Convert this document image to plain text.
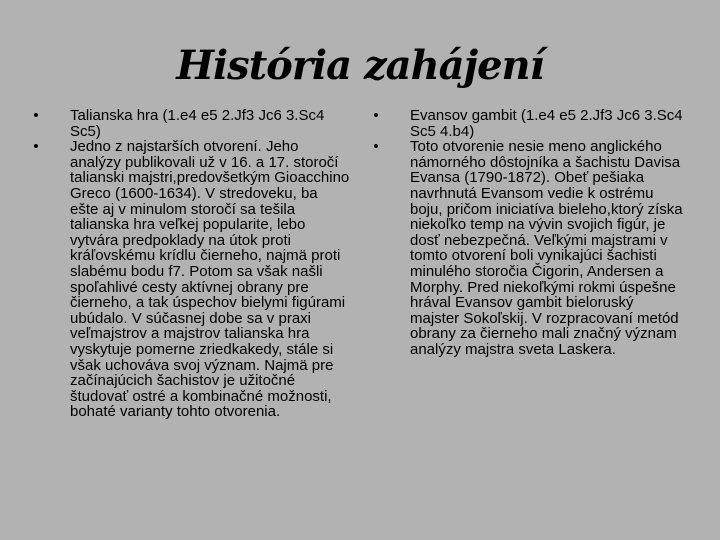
História zahájení
• Talianska hra (1.e4 e5 2.Jf3 Jc6 3.Sc4 Sc5)
• Jedno z najstarších otvorení. Jeho analýzy publikovali už v 16. a 17. storočí talianski majstri,predovšetkým Gioacchino Greco (1600-1634). V stredoveku, ba ešte aj v minulom storočí sa tešila talianska hra veľkej popularite, lebo vytvára predpoklady na útok proti kráľovskému krídlu čierneho, najmä proti slabému bodu f7. Potom sa však našli spoľahlivé cesty aktívnej obrany pre čierneho, a tak úspechov bielymi figúrami ubúdalo. V súčasnej dobe sa v praxi veľmajstrov a majstrov talianska hra vyskytuje pomerne zriedkakedy, stále si však uchováva svoj význam. Najmä pre začínajúcich šachistov je užitočné študovať ostré a kombinačné možnosti, bohaté varianty tohto otvorenia.
• Evansov gambit (1.e4 e5 2.Jf3 Jc6 3.Sc4 Sc5 4.b4)
• Toto otvorenie nesie meno anglického námorného dôstojníka a šachistu Davisa Evansa (1790-1872). Obeť pešiaka navrhnutá Evansom vedie k ostrému boju, pričom iniciatíva bieleho,ktorý získa niekoľko temp na vývin svojich figúr, je dosť nebezpečná. Veľkými majstrami v tomto otvorení boli vynikajúci šachisti minulého storočia Čigorin, Andersen a Morphy. Pred niekoľkými rokmi úspešne hrával Evansov gambit bieloruský majster Sokoľskij. V rozpracovaní metód obrany za čierneho mali značný význam analýzy majstra sveta Laskera.
